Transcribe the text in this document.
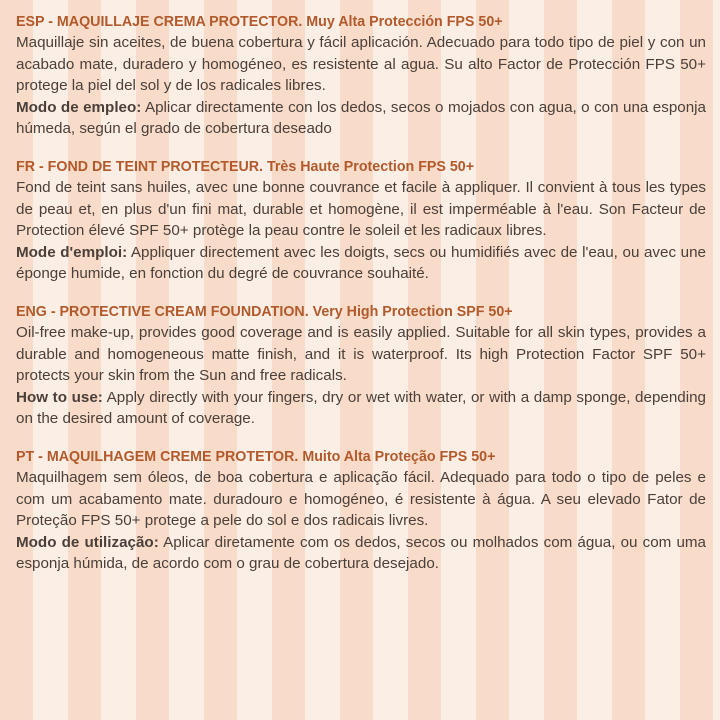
ESP - MAQUILLAJE CREMA PROTECTOR. Muy Alta Protección FPS 50+

Maquillaje sin aceites, de buena cobertura y fácil aplicación. Adecuado para todo tipo de piel y con un acabado mate, duradero y homogéneo, es resistente al agua. Su alto Factor de Protección FPS 50+ protege la piel del sol y de los radicales libres.

Modo de empleo: Aplicar directamente con los dedos, secos o mojados con agua, o con una esponja húmeda, según el grado de cobertura deseado

FR - FOND DE TEINT PROTECTEUR. Très Haute Protection FPS 50+

Fond de teint sans huiles, avec une bonne couvrance et facile à appliquer. Il convient à tous les types de peau et, en plus d'un fini mat, durable et homogène, il est imperméable à l'eau. Son Facteur de Protection élevé SPF 50+ protège la peau contre le soleil et les radicaux libres.

Mode d'emploi: Appliquer directement avec les doigts, secs ou humidifiés avec de l'eau, ou avec une éponge humide, en fonction du degré de couvrance souhaité.

ENG - PROTECTIVE CREAM FOUNDATION. Very High Protection SPF 50+

Oil-free make-up, provides good coverage and is easily applied. Suitable for all skin types, provides a durable and homogeneous matte finish, and it is waterproof. Its high Protection Factor SPF 50+ protects your skin from the Sun and free radicals.

How to use: Apply directly with your fingers, dry or wet with water, or with a damp sponge, depending on the desired amount of coverage.

PT - MAQUILHAGEM CREME PROTETOR. Muito Alta Proteção FPS 50+

Maquilhagem sem óleos, de boa cobertura e aplicação fácil. Adequado para todo o tipo de peles e com um acabamento mate. duradouro e homogéneo, é resistente à água. A seu elevado Fator de Proteção FPS 50+ protege a pele do sol e dos radicais livres.

Modo de utilização: Aplicar diretamente com os dedos, secos ou molhados com água, ou com uma esponja húmida, de acordo com o grau de cobertura desejado.
